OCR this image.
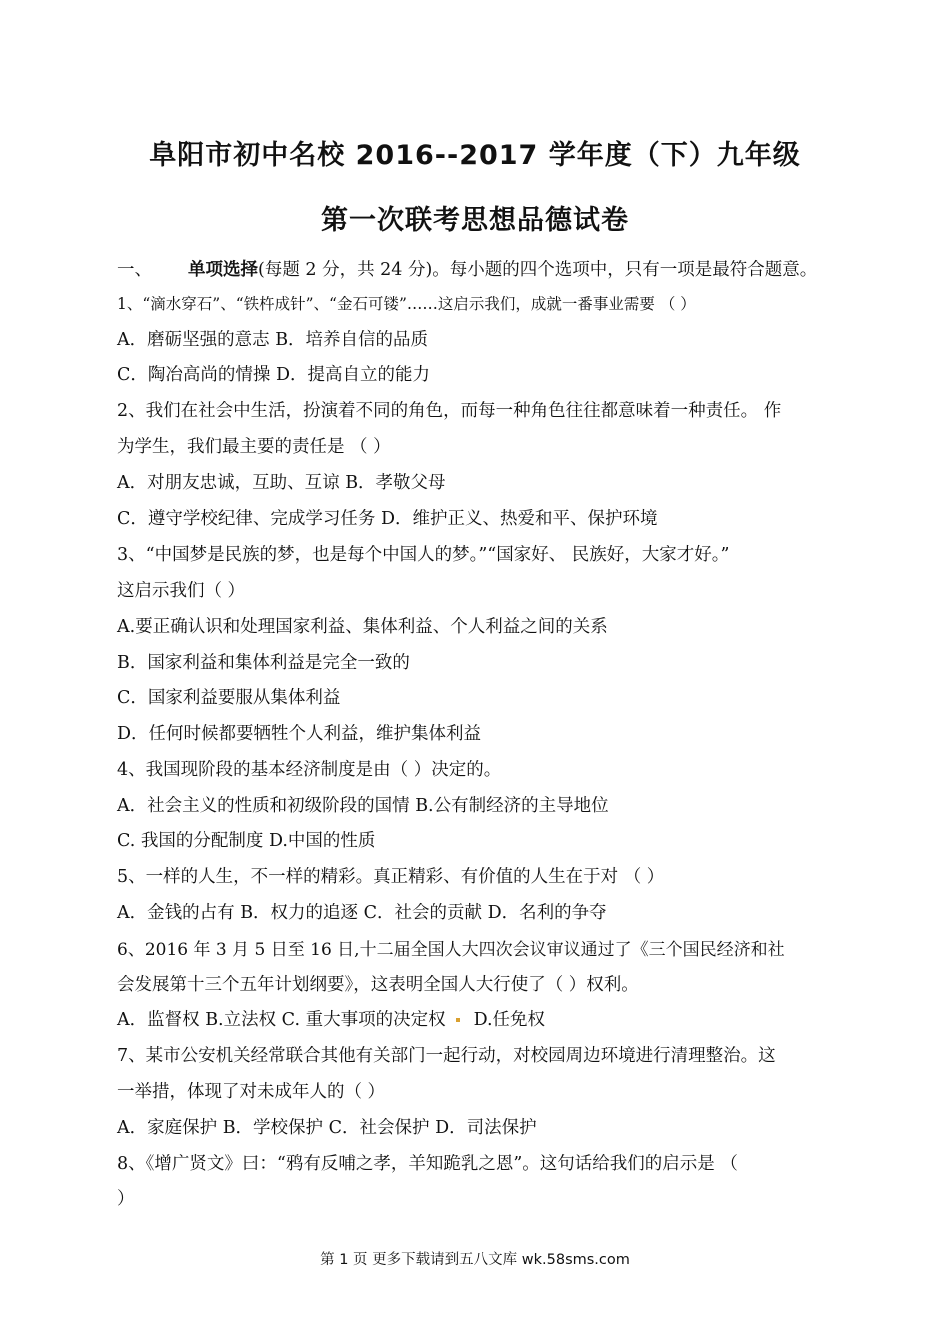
阜阳市初中名校 2016--2017 学年度（下）九年级
第一次联考思想品德试卷
一、 单项选择(每题 2 分，共 24 分)。每小题的四个选项中，只有一项是最符合题意。
1、“滴水穿石”、“铁杵成针”、“金石可镂”……这启示我们，成就一番事业需要 （ ）
A．磨砺坚强的意志 B．培养自信的品质
C．陶冶高尚的情操 D．提高自立的能力
2、我们在社会中生活，扮演着不同的角色，而每一种角色往往都意味着一种责任。 作
为学生，我们最主要的责任是 （ ）
A．对朋友忠诚，互助、互谅 B．孝敬父母
C．遵守学校纪律、完成学习任务 D．维护正义、热爱和平、保护环境
3、“中国梦是民族的梦，也是每个中国人的梦。”“国家好、 民族好，大家才好。”
这启示我们（ ）
A.要正确认识和处理国家利益、集体利益、个人利益之间的关系
B．国家利益和集体利益是完全一致的
C．国家利益要服从集体利益
D．任何时候都要牺牲个人利益，维护集体利益
4、我国现阶段的基本经济制度是由（ ）决定的。
A．社会主义的性质和初级阶段的国情 B.公有制经济的主导地位
C. 我国的分配制度 D.中国的性质
5、一样的人生，不一样的精彩。真正精彩、有价值的人生在于对 （ ）
A．金钱的占有 B．权力的追逐 C．社会的贡献 D．名利的争夺
6、2016 年 3 月 5 日至 16 日,十二届全国人大四次会议审议通过了《三个国民经济和社
会发展第十三个五年计划纲要》，这表明全国人大行使了（ ）权利。
A．监督权 B.立法权 C. 重大事项的决定权 D.任免权
7、某市公安机关经常联合其他有关部门一起行动，对校园周边环境进行清理整治。这
一举措，体现了对未成年人的（ ）
A．家庭保护 B．学校保护 C．社会保护 D．司法保护
8、《增广贤文》曰：“鸦有反哺之孝，羊知跪乳之恩”。这句话给我们的启示是 （
）
第 1 页 更多下载请到五八文库 wk.58sms.com
